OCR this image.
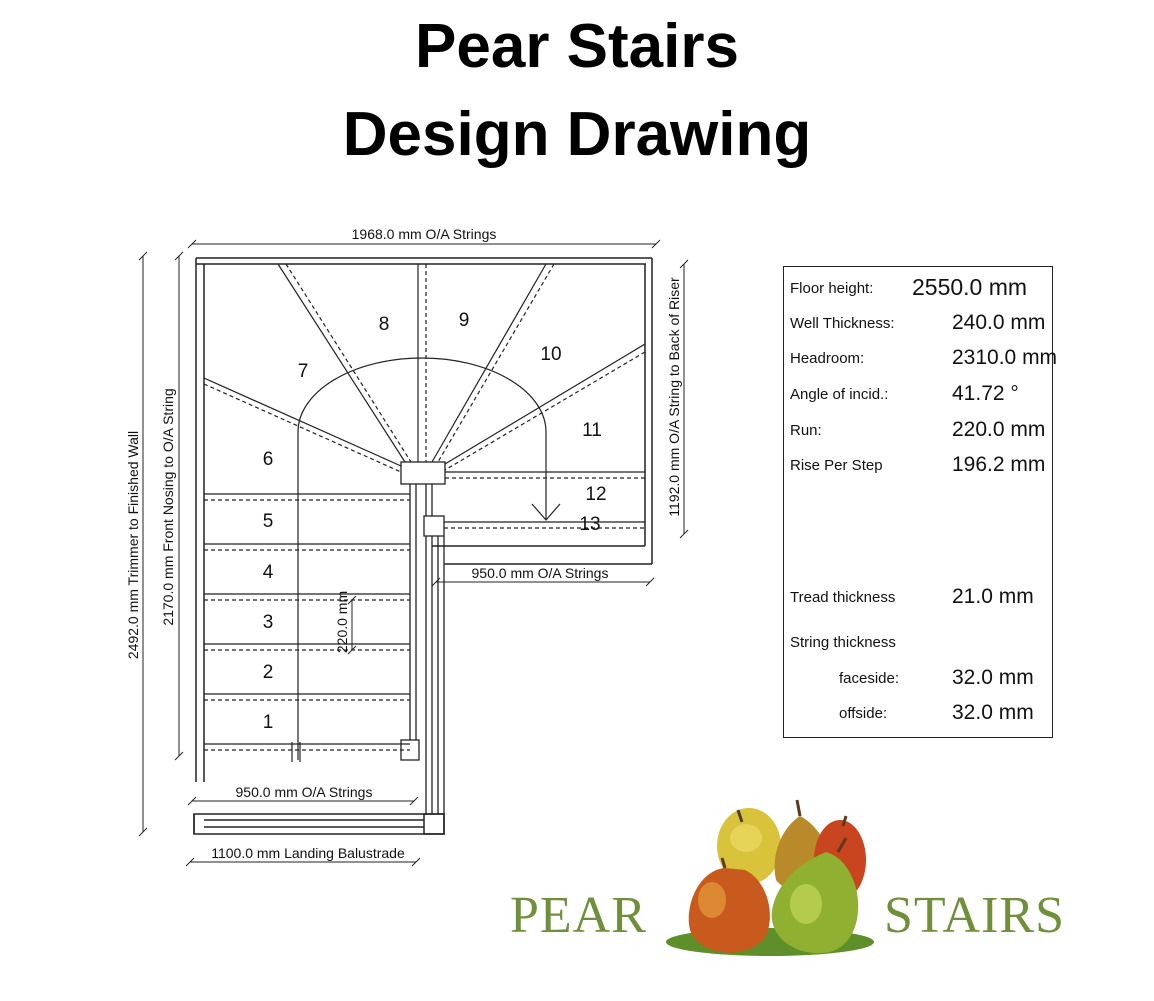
Pear Stairs
Design Drawing
1968.0 mm O/A Strings
2492.0 mm Trimmer to Finished Wall 2170.0 mm Front Nosing to O/A String	1192.0 mm O/A String to Back of Riser
950.0 mm O/A Strings
950.0 mm O/A Strings
220.0 mm
1100.0 mm Landing Balustrade
1
2
3
4
5
6
7
8	9
10
11
12
13
Floor height: 2550.0 mm
Well Thickness:	240.0 mm
Headroom:	2310.0 mm
Angle of incid.:	41.72 °
Run:	220.0 mm
Rise Per Step	196.2 mm
Tread thickness	21.0 mm
String thickness
faceside:	32.0 mm
offside:	32.0 mm
PEAR	STAIRS
